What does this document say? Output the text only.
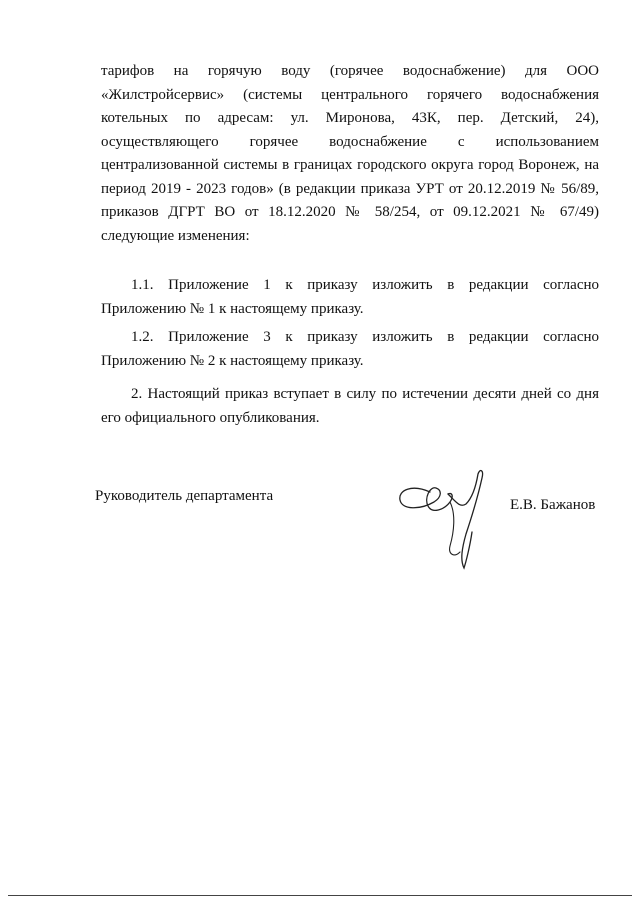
тарифов на горячую воду (горячее водоснабжение) для ООО «Жилстройсервис» (системы центрального горячего водоснабжения котельных по адресам: ул. Миронова, 43К, пер. Детский, 24), осуществляющего горячее водоснабжение с использованием централизованной системы в границах городского округа город Воронеж, на период 2019 - 2023 годов» (в редакции приказа УРТ от 20.12.2019 № 56/89, приказов ДГРТ ВО от 18.12.2020 № 58/254, от 09.12.2021 № 67/49) следующие изменения:

1.1. Приложение 1 к приказу изложить в редакции согласно Приложению № 1 к настоящему приказу.

1.2. Приложение 3 к приказу изложить в редакции согласно Приложению № 2 к настоящему приказу.

2. Настоящий приказ вступает в силу по истечении десяти дней со дня его официального опубликования.

Руководитель департамента
Е.В. Бажанов
